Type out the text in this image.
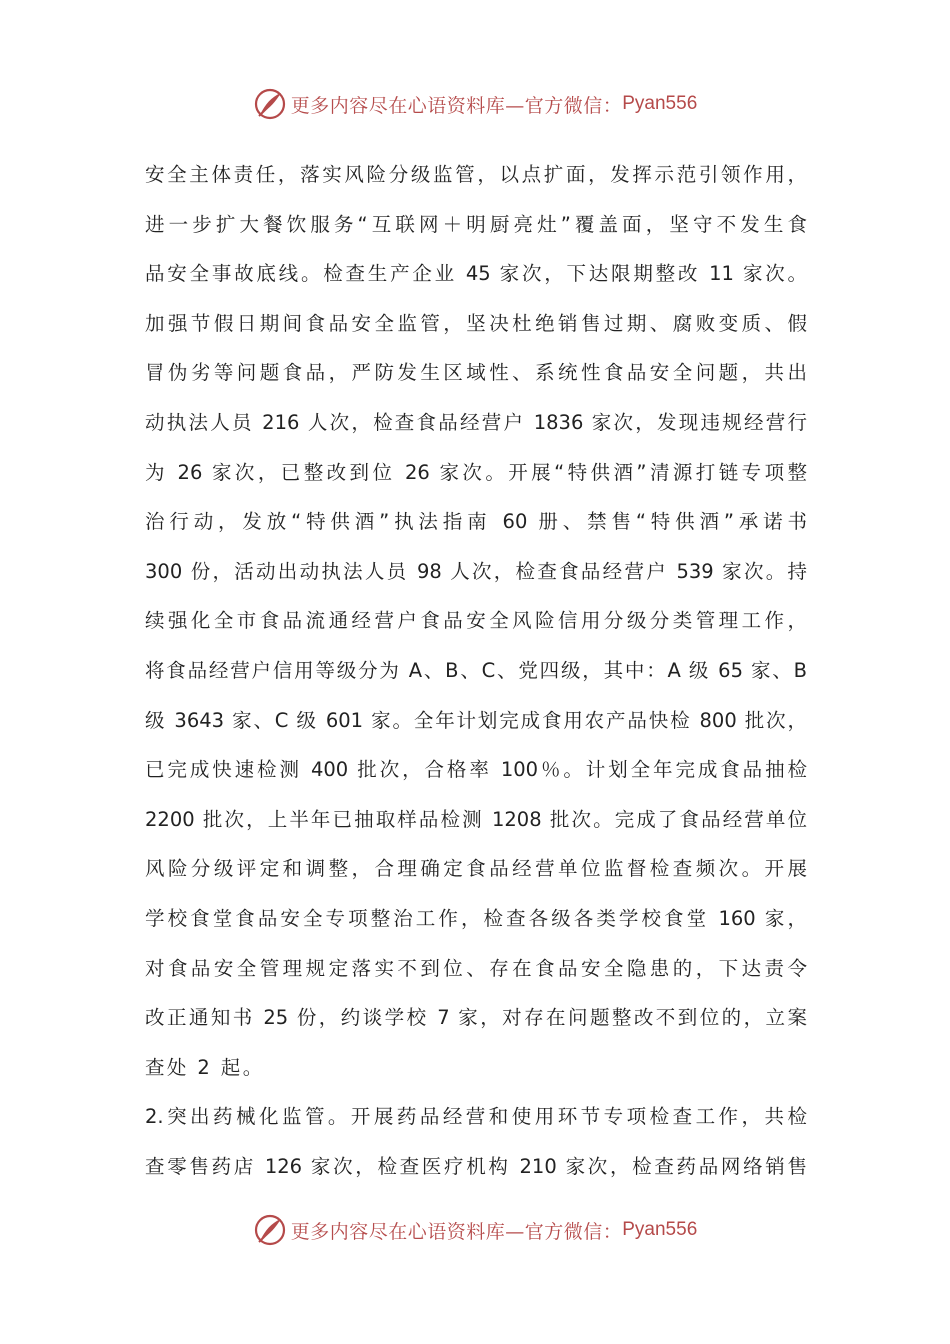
更多内容尽在心语资料库—官方微信： Pyan556
安全主体责任，落实风险分级监管，以点扩面，发挥示范引领作用，
进一步扩大餐饮服务“互联网＋明厨亮灶”覆盖面，坚守不发生食
品安全事故底线。检查生产企业 45 家次，下达限期整改 11 家次。
加强节假日期间食品安全监管，坚决杜绝销售过期、腐败变质、假
冒伪劣等问题食品，严防发生区域性、系统性食品安全问题，共出
动执法人员 216 人次，检查食品经营户 1836 家次，发现违规经营行
为 26 家次，已整改到位 26 家次。开展“特供酒”清源打链专项整
治行动，发放“特供酒”执法指南 60 册、禁售“特供酒”承诺书
300 份，活动出动执法人员 98 人次，检查食品经营户 539 家次。持
续强化全市食品流通经营户食品安全风险信用分级分类管理工作，
将食品经营户信用等级分为 A、B、C、党四级，其中：A 级 65 家、B
级 3643 家、C 级 601 家。全年计划完成食用农产品快检 800 批次，
已完成快速检测 400 批次，合格率 100％。计划全年完成食品抽检
2200 批次，上半年已抽取样品检测 1208 批次。完成了食品经营单位
风险分级评定和调整，合理确定食品经营单位监督检查频次。开展
学校食堂食品安全专项整治工作，检查各级各类学校食堂 160 家，
对食品安全管理规定落实不到位、存在食品安全隐患的，下达责令
改正通知书 25 份，约谈学校 7 家，对存在问题整改不到位的，立案
查处 2 起。
2.突出药械化监管。开展药品经营和使用环节专项检查工作，共检
查零售药店 126 家次，检查医疗机构 210 家次，检查药品网络销售
更多内容尽在心语资料库—官方微信： Pyan556
